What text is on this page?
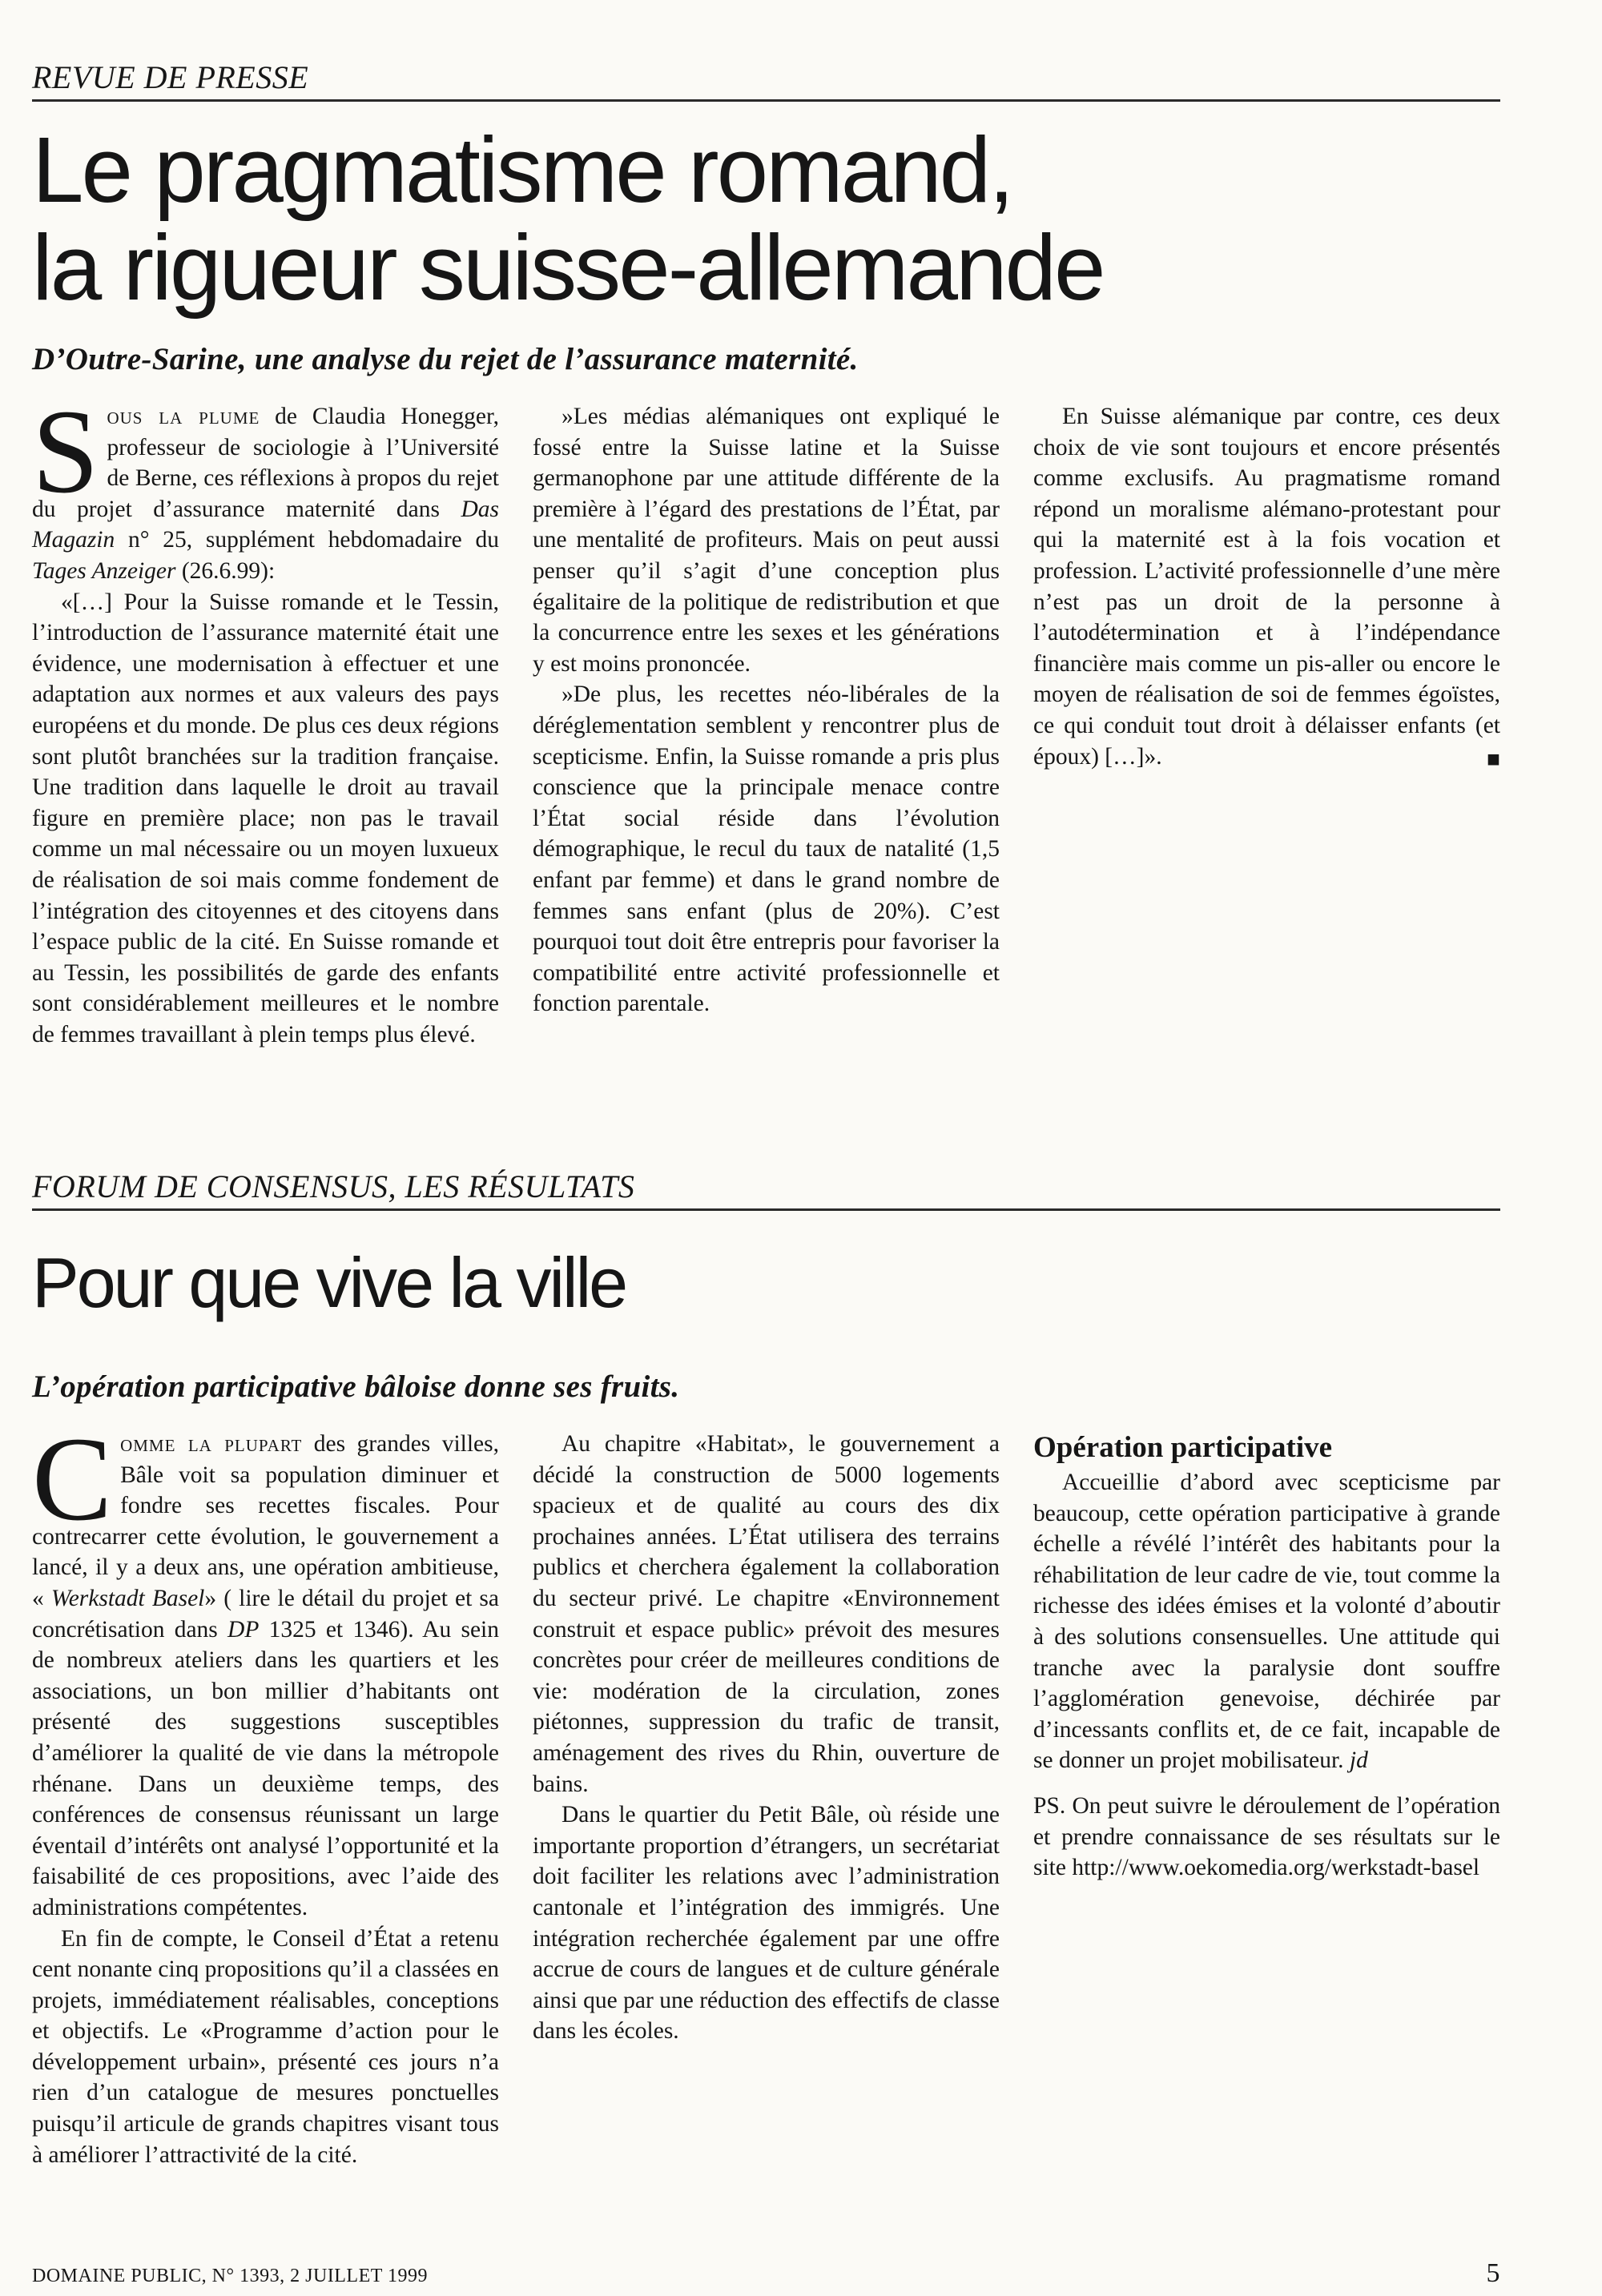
REVUE DE PRESSE
Le pragmatisme romand,
la rigueur suisse-allemande
D’Outre-Sarine, une analyse du rejet de l’assurance maternité.

Sous la plume de Claudia Honegger, professeur de sociologie à l’Université de Berne, ces réflexions à propos du rejet du projet d’assurance maternité dans Das Magazin n° 25, supplément hebdomadaire du Tages Anzeiger (26.6.99):

«[…] Pour la Suisse romande et le Tessin, l’introduction de l’assurance maternité était une évidence, une modernisation à effectuer et une adaptation aux normes et aux valeurs des pays européens et du monde. De plus ces deux régions sont plutôt branchées sur la tradition française. Une tradition dans laquelle le droit au travail figure en première place; non pas le travail comme un mal nécessaire ou un moyen luxueux de réalisation de soi mais comme fondement de l’intégration des citoyennes et des citoyens dans l’espace public de la cité. En Suisse romande et au Tessin, les possibilités de garde des enfants sont considérablement meilleures et le nombre de femmes travaillant à plein temps plus élevé.

»Les médias alémaniques ont expliqué le fossé entre la Suisse latine et la Suisse germanophone par une attitude différente de la première à l’égard des prestations de l’État, par une mentalité de profiteurs. Mais on peut aussi penser qu’il s’agit d’une conception plus égalitaire de la politique de redistribution et que la concurrence entre les sexes et les générations y est moins prononcée.

»De plus, les recettes néo-libérales de la déréglementation semblent y rencontrer plus de scepticisme. Enfin, la Suisse romande a pris plus conscience que la principale menace contre l’État social réside dans l’évolution démographique, le recul du taux de natalité (1,5 enfant par femme) et dans le grand nombre de femmes sans enfant (plus de 20%). C’est pourquoi tout doit être entrepris pour favoriser la compatibilité entre activité professionnelle et fonction parentale.

En Suisse alémanique par contre, ces deux choix de vie sont toujours et encore présentés comme exclusifs. Au pragmatisme romand répond un moralisme alémano-protestant pour qui la maternité est à la fois vocation et profession. L’activité professionnelle d’une mère n’est pas un droit de la personne à l’autodétermination et à l’indépendance financière mais comme un pis-aller ou encore le moyen de réalisation de soi de femmes égoïstes, ce qui conduit tout droit à délaisser enfants (et époux) […]».	■

FORUM DE CONSENSUS, LES RÉSULTATS
Pour que vive la ville
L’opération participative bâloise donne ses fruits.

Comme la plupart des grandes villes, Bâle voit sa population diminuer et fondre ses recettes fiscales. Pour contrecarrer cette évolution, le gouvernement a lancé, il y a deux ans, une opération ambitieuse, « Werkstadt Basel» ( lire le détail du projet et sa concrétisation dans DP 1325 et 1346). Au sein de nombreux ateliers dans les quartiers et les associations, un bon millier d’habitants ont présenté des suggestions susceptibles d’améliorer la qualité de vie dans la métropole rhénane. Dans un deuxième temps, des conférences de consensus réunissant un large éventail d’intérêts ont analysé l’opportunité et la faisabilité de ces propositions, avec l’aide des administrations compétentes.

En fin de compte, le Conseil d’État a retenu cent nonante cinq propositions qu’il a classées en projets, immédiatement réalisables, conceptions et objectifs. Le «Programme d’action pour le développement urbain», présenté ces jours n’a rien d’un catalogue de mesures ponctuelles puisqu’il articule de grands chapitres visant tous à améliorer l’attractivité de la cité.

Au chapitre «Habitat», le gouvernement a décidé la construction de 5000 logements spacieux et de qualité au cours des dix prochaines années. L’État utilisera des terrains publics et cherchera également la collaboration du secteur privé. Le chapitre «Environnement construit et espace public» prévoit des mesures concrètes pour créer de meilleures conditions de vie: modération de la circulation, zones piétonnes, suppression du trafic de transit, aménagement des rives du Rhin, ouverture de bains.

Dans le quartier du Petit Bâle, où réside une importante proportion d’étrangers, un secrétariat doit faciliter les relations avec l’administration cantonale et l’intégration des immigrés. Une intégration recherchée également par une offre accrue de cours de langues et de culture générale ainsi que par une réduction des effectifs de classe dans les écoles.

Opération participative

Accueillie d’abord avec scepticisme par beaucoup, cette opération participative à grande échelle a révélé l’intérêt des habitants pour la réhabilitation de leur cadre de vie, tout comme la richesse des idées émises et la volonté d’aboutir à des solutions consensuelles. Une attitude qui tranche avec la paralysie dont souffre l’agglomération genevoise, déchirée par d’incessants conflits et, de ce fait, incapable de se donner un projet mobilisateur. jd

PS. On peut suivre le déroulement de l’opération et prendre connaissance de ses résultats sur le site http://www.oekomedia.org/werkstadt-basel

DOMAINE PUBLIC, N° 1393, 2 JUILLET 1999	5
